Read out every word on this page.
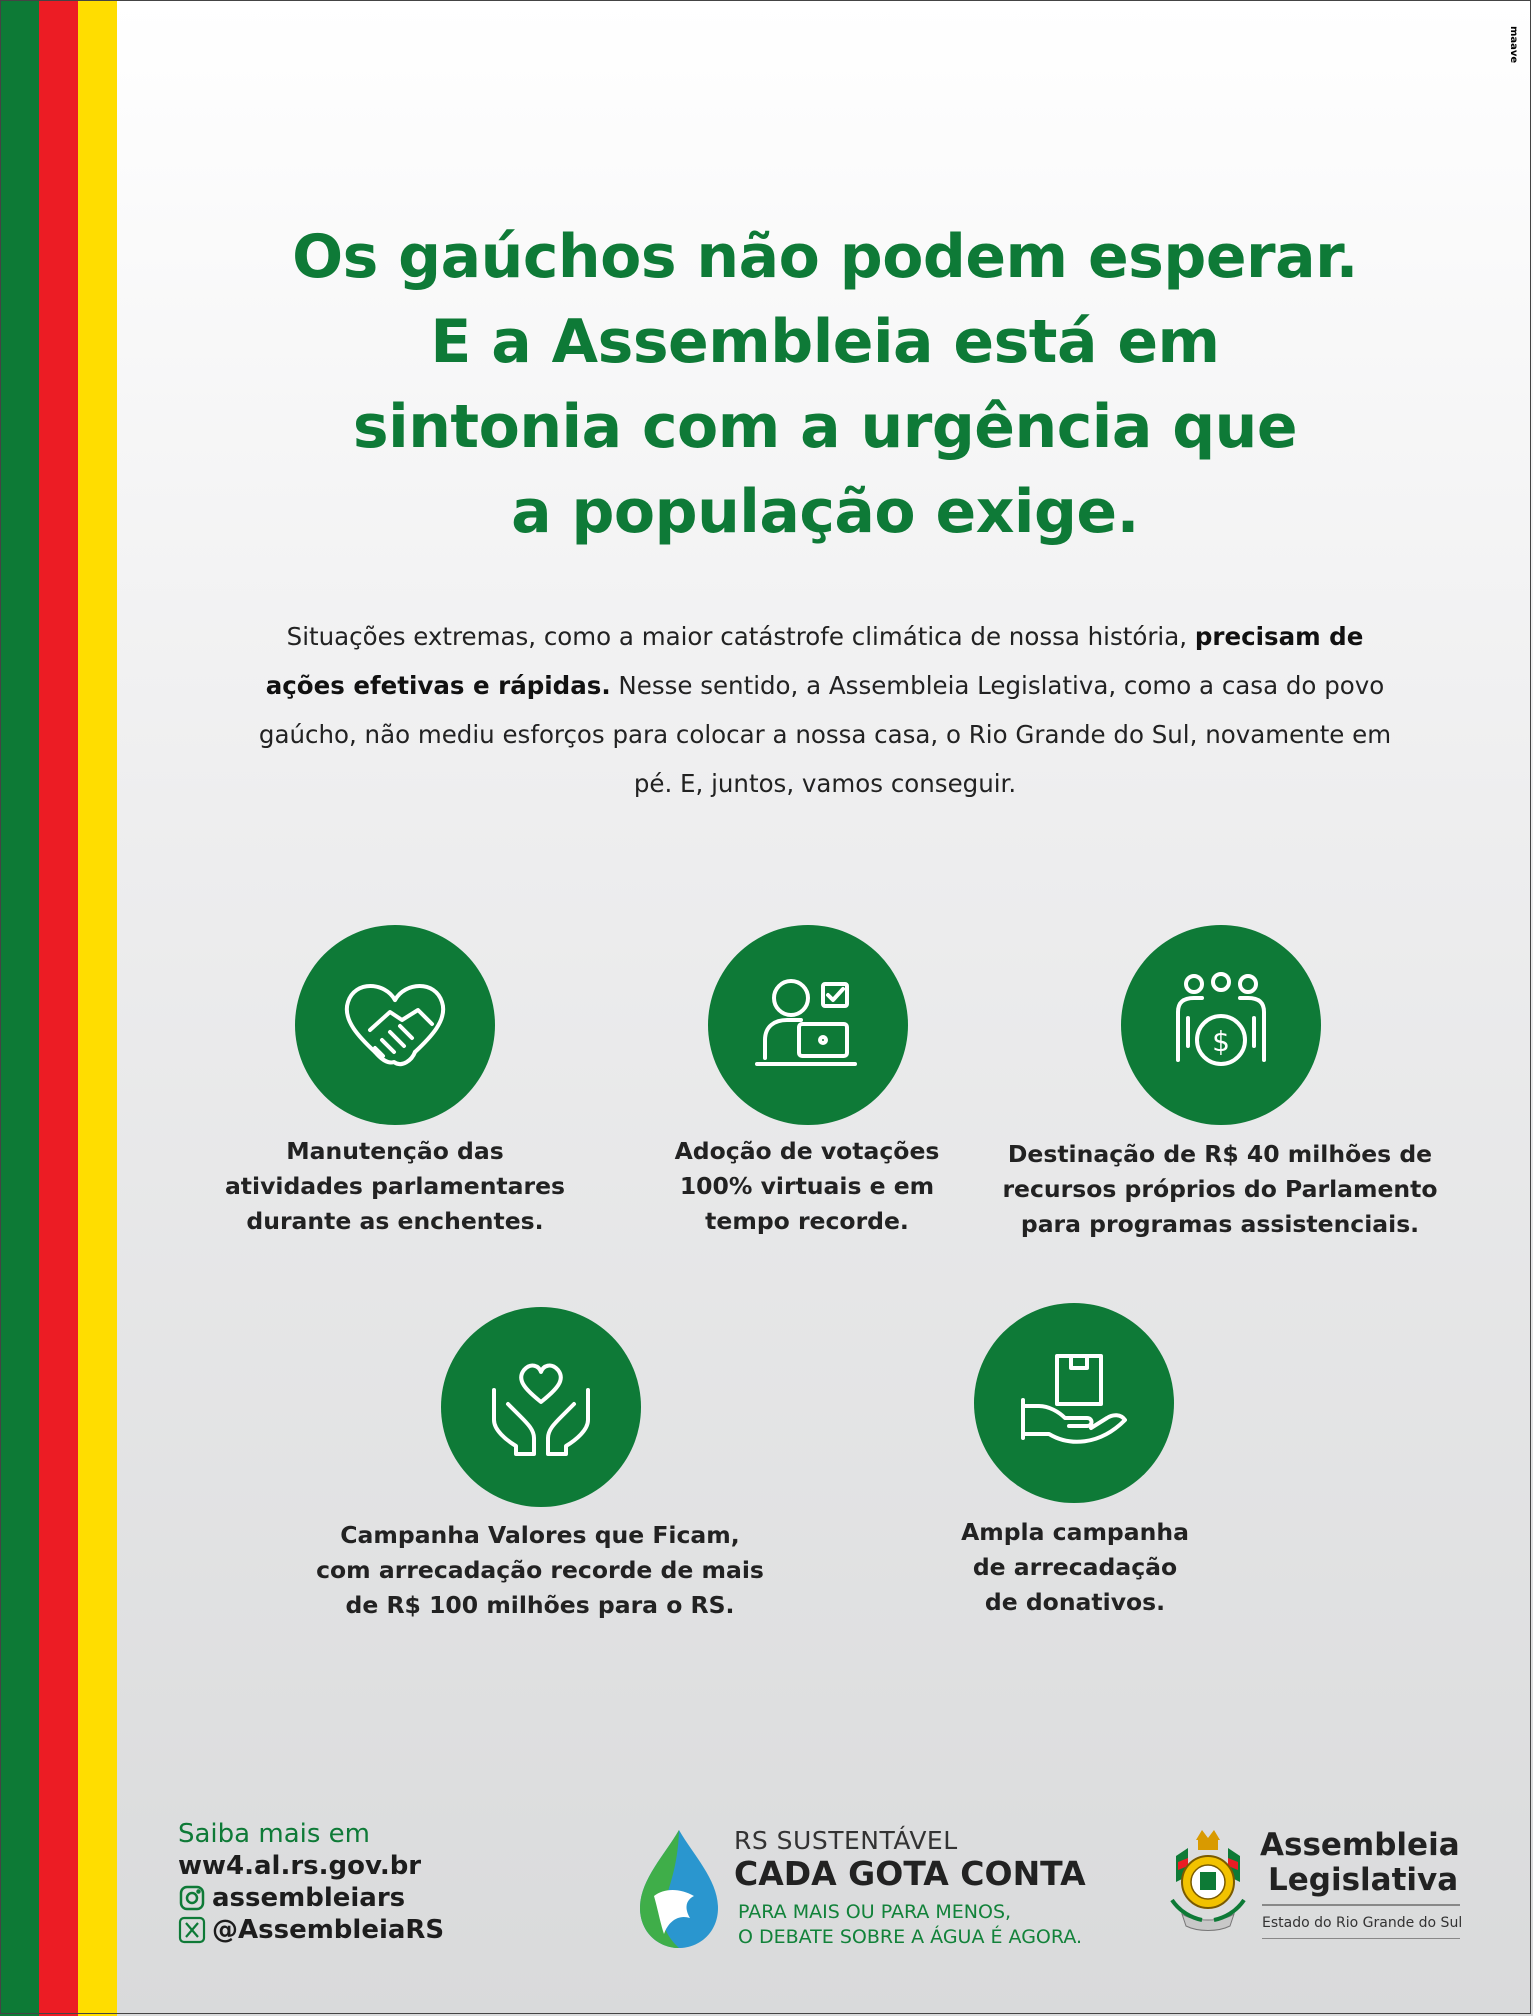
maave
Os gaúchos não podem esperar.
E a Assembleia está em
sintonia com a urgência que
a população exige.

Situações extremas, como a maior catástrofe climática de nossa história, precisam de ações efetivas e rápidas. Nesse sentido, a Assembleia Legislativa, como a casa do povo gaúcho, não mediu esforços para colocar a nossa casa, o Rio Grande do Sul, novamente em pé. E, juntos, vamos conseguir.

Manutenção das
atividades parlamentares
durante as enchentes.

Adoção de votações
100% virtuais e em
tempo recorde.

$

Destinação de R$ 40 milhões de
recursos próprios do Parlamento
para programas assistenciais.

Campanha Valores que Ficam,
com arrecadação recorde de mais
de R$ 100 milhões para o RS.

Ampla campanha
de arrecadação
de donativos.

Saiba mais em
ww4.al.rs.gov.br
assembleiars
@AssembleiaRS
RS SUSTENTÁVEL
CADA GOTA CONTA
PARA MAIS OU PARA MENOS,
O DEBATE SOBRE A ÁGUA É AGORA.
Assembleia
Legislativa
Estado do Rio Grande do Sul
